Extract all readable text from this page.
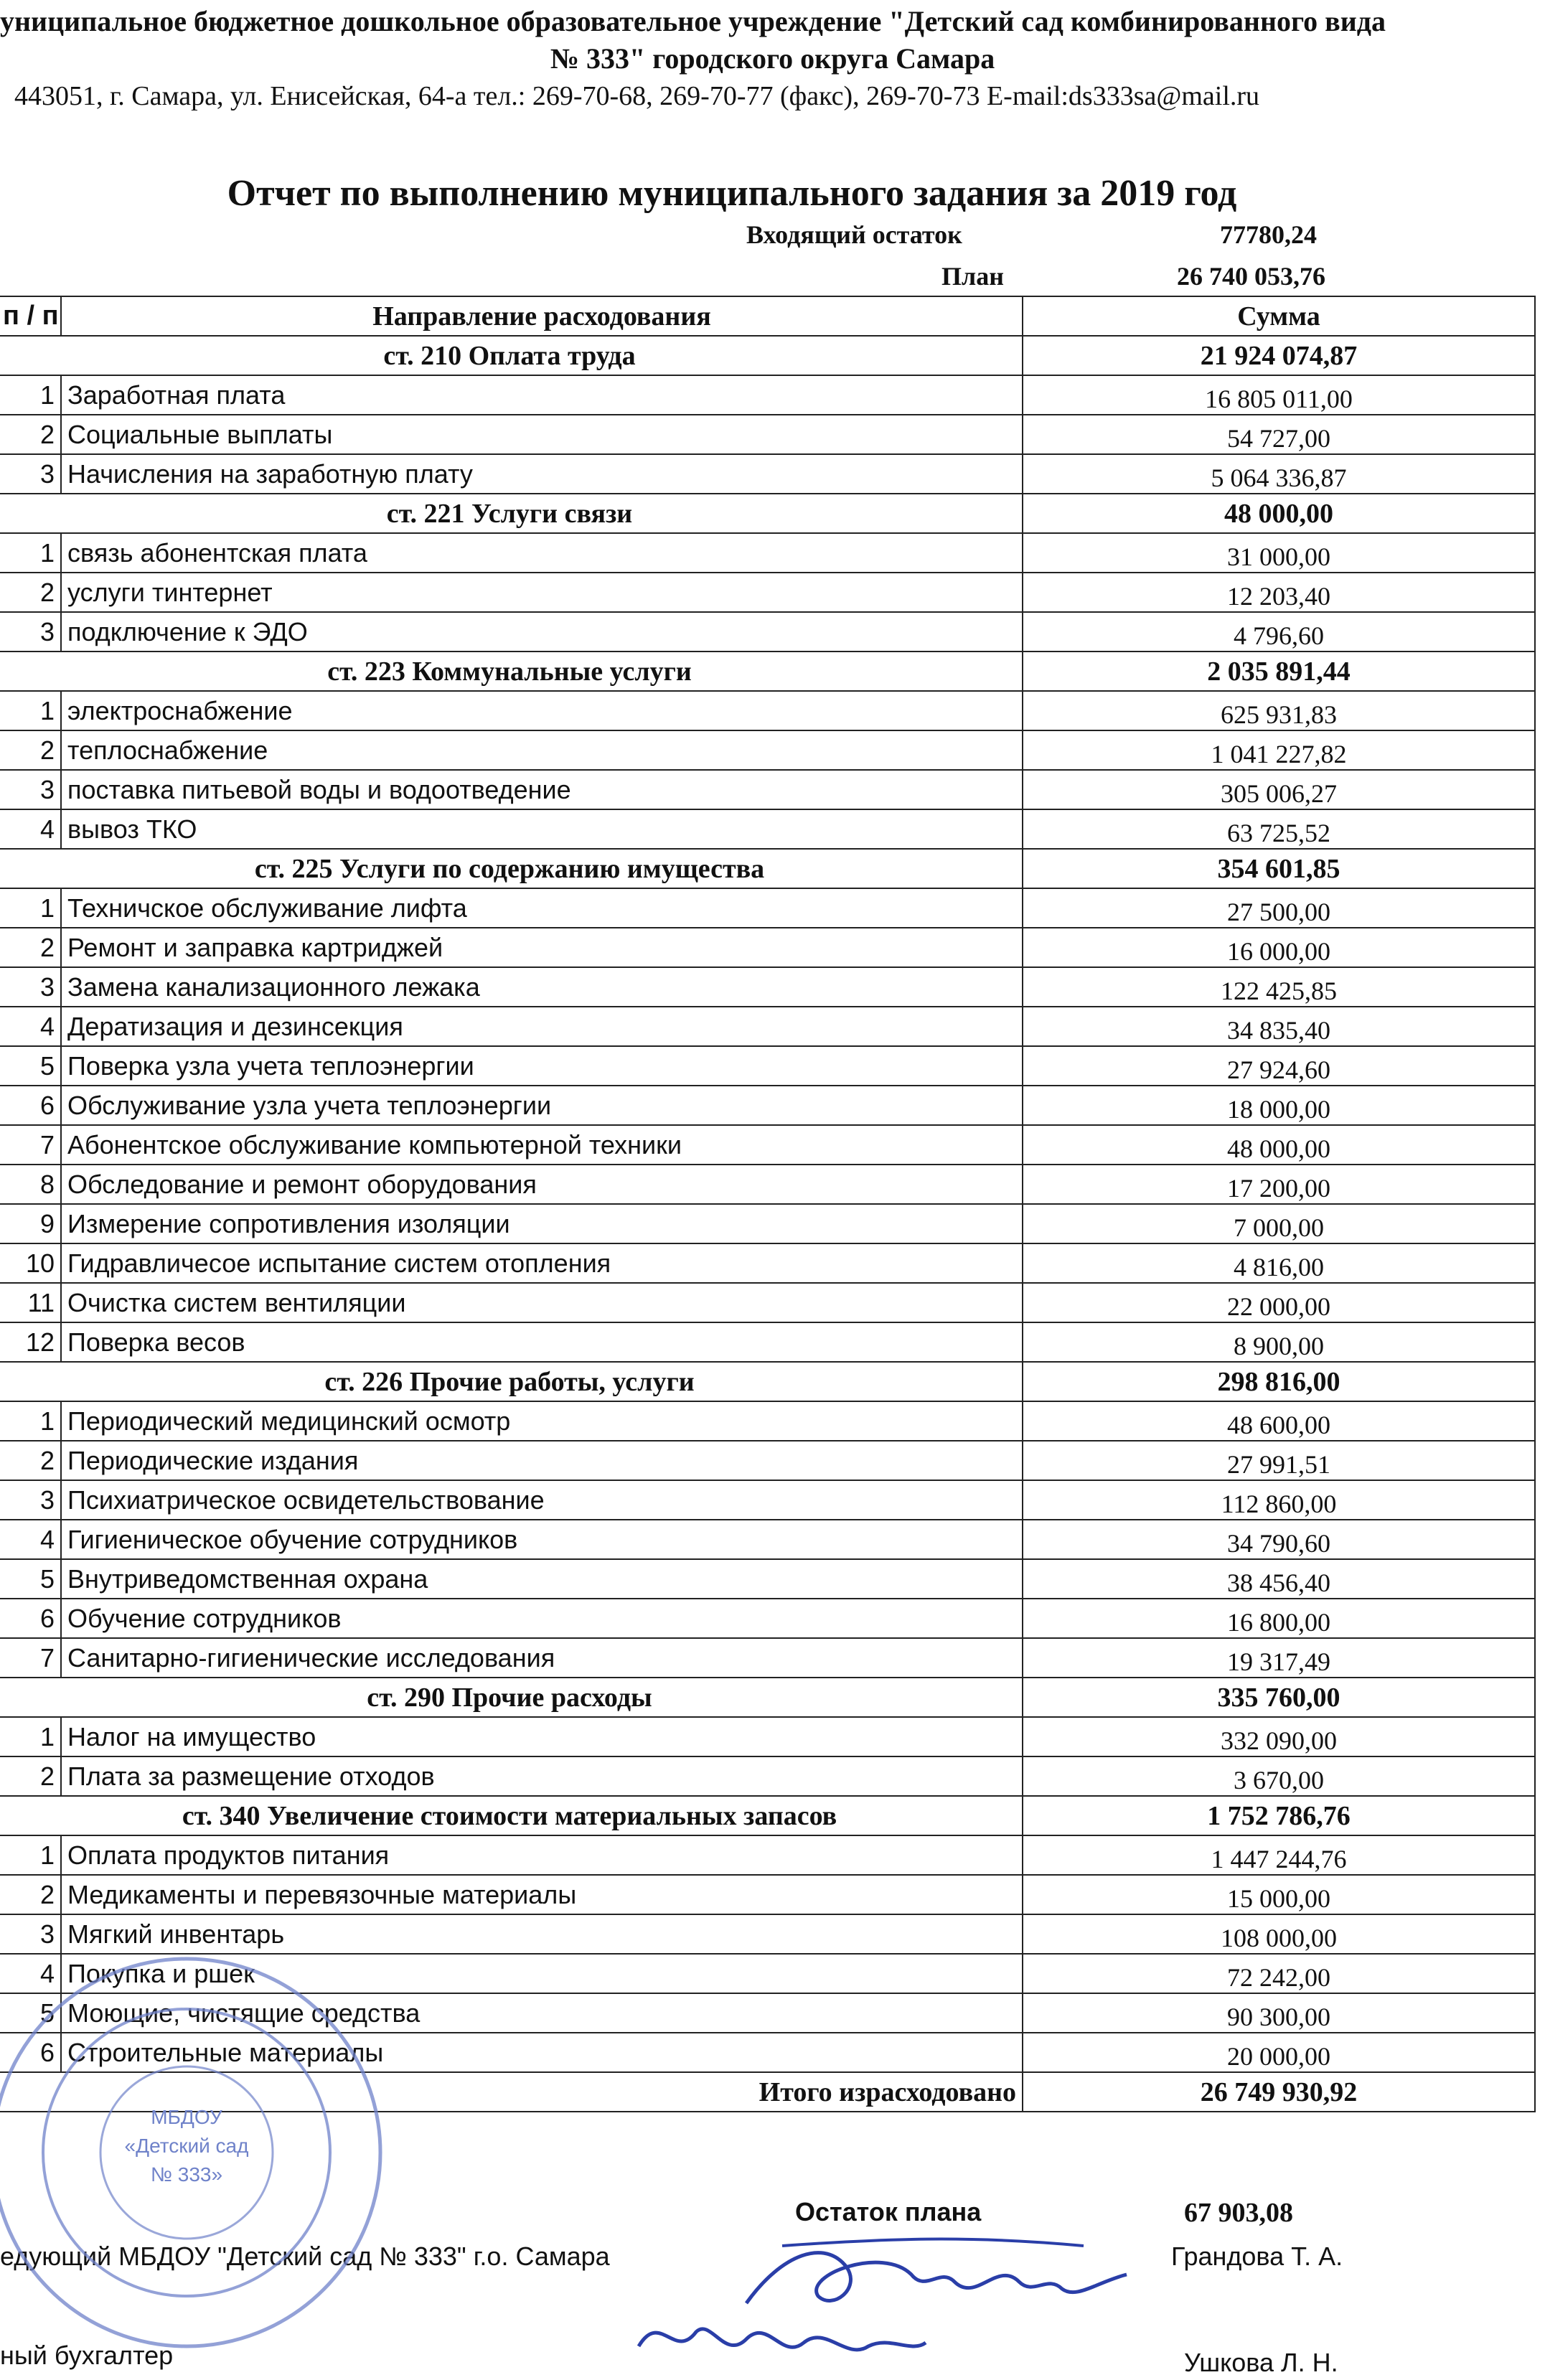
униципальное бюджетное дошкольное образовательное учреждение "Детский сад комбинированного вида
№ 333" городского округа Самара
443051, г. Самара, ул. Енисейская, 64-а тел.: 269-70-68, 269-70-77 (факс), 269-70-73 E-mail:ds333sa@mail.ru
Отчет по выполнению муниципального задания за 2019 год
Входящий остаток	77780,24
План	26 740 053,76
п / п	Направление расходования	Сумма
ст. 210 Оплата труда		21 924 074,87
1	Заработная плата	16 805 011,00
2	Социальные выплаты	54 727,00
3	Начисления на заработную плату	5 064 336,87
ст. 221 Услуги связи		48 000,00
1	связь абонентская плата	31 000,00
2	услуги тинтернет	12 203,40
3	подключение к ЭДО	4 796,60
ст. 223 Коммунальные услуги		2 035 891,44
1	электроснабжение	625 931,83
2	теплоснабжение	1 041 227,82
3	поставка питьевой воды и водоотведение	305 006,27
4	вывоз ТКО	63 725,52
ст. 225 Услуги по содержанию имущества		354 601,85
1	Техничское обслуживание лифта	27 500,00
2	Ремонт и заправка картриджей	16 000,00
3	Замена канализационного лежака	122 425,85
4	Дератизация и дезинсекция	34 835,40
5	Поверка узла учета теплоэнергии	27 924,60
6	Обслуживание узла учета теплоэнергии	18 000,00
7	Абонентское обслуживание компьютерной техники	48 000,00
8	Обследование и ремонт оборудования	17 200,00
9	Измерение сопротивления изоляции	7 000,00
10	Гидравличесое испытание систем отопления	4 816,00
11	Очистка систем вентиляции	22 000,00
12	Поверка весов	8 900,00
ст. 226 Прочие работы, услуги		298 816,00
1	Периодический медицинский осмотр	48 600,00
2	Периодические издания	27 991,51
3	Психиатрическое освидетельствование	112 860,00
4	Гигиеническое обучение сотрудников	34 790,60
5	Внутриведомственная охрана	38 456,40
6	Обучение сотрудников	16 800,00
7	Санитарно-гигиенические исследования	19 317,49
ст. 290 Прочие расходы		335 760,00
1	Налог на имущество	332 090,00
2	Плата за размещение отходов	3 670,00
ст. 340 Увеличение стоимости материальных запасов		1 752 786,76
1	Оплата продуктов питания	1 447 244,76
2	Медикаменты и перевязочные материалы	15 000,00
3	Мягкий инвентарь	108 000,00
4	Покупка и ршек	72 242,00
5	Моющие, чистящие средства	90 300,00
6	Строительные материалы	20 000,00
Итого израсходовано		26 749 930,92
Остаток плана	67 903,08
едующий МБДОУ "Детский сад № 333" г.о. Самара	Грандова Т. А.
ный бухгалтер	Ушкова Л. Н.
МБДОУ
«Детский сад
№ 333»
